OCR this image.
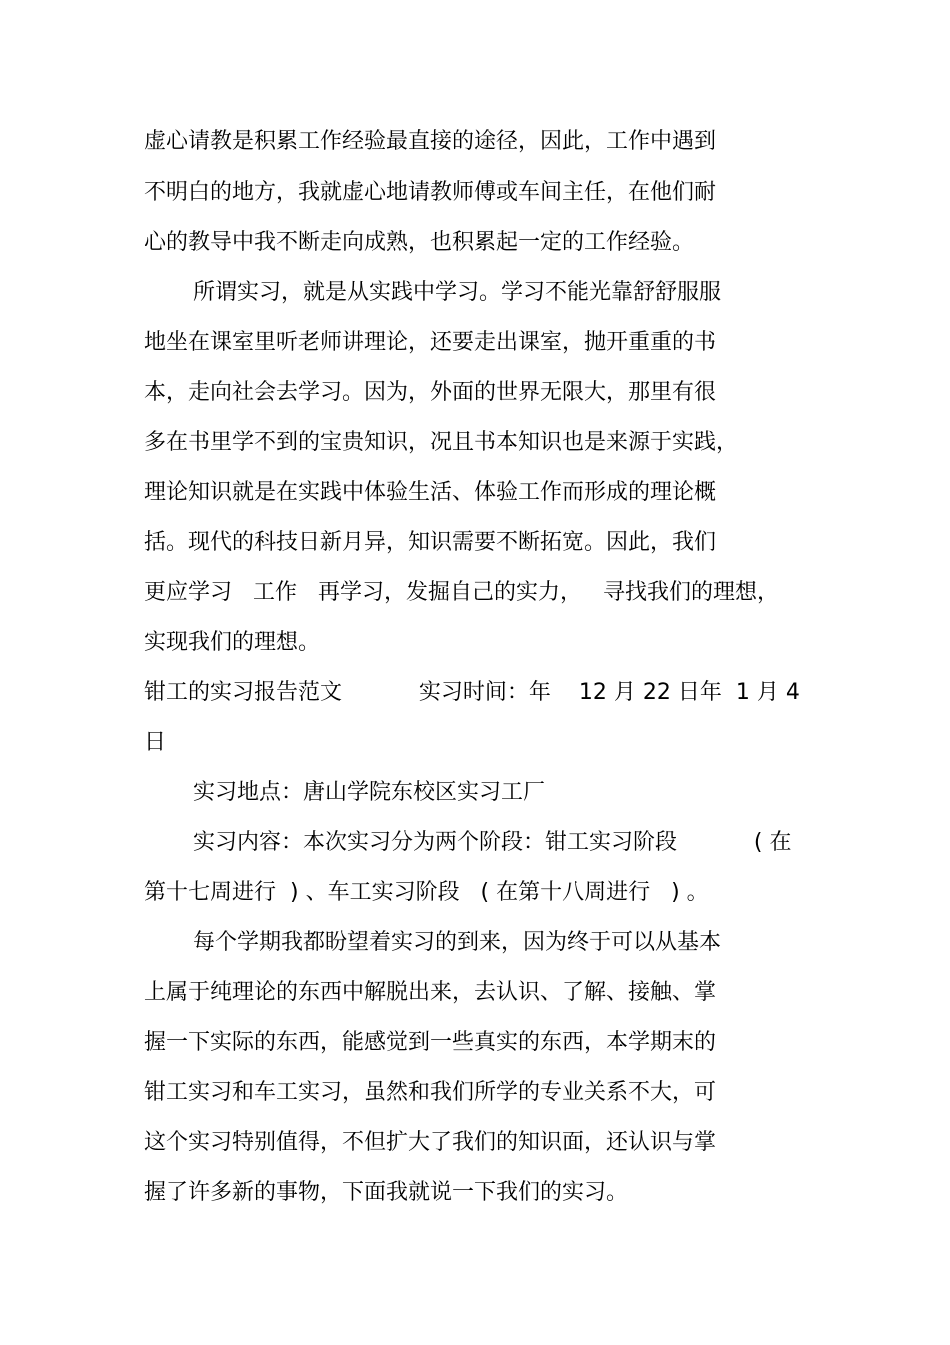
虚心请教是积累工作经验最直接的途径，因此，工作中遇到

不明白的地方，我就虚心地请教师傅或车间主任，在他们耐

心的教导中我不断走向成熟，也积累起一定的工作经验。

所谓实习，就是从实践中学习。学习不能光靠舒舒服服

地坐在课室里听老师讲理论，还要走出课室，抛开重重的书

本，走向社会去学习。因为，外面的世界无限大，那里有很

多在书里学不到的宝贵知识，况且书本知识也是来源于实践，

理论知识就是在实践中体验生活、体验工作而形成的理论概

括。现代的科技日新月异，知识需要不断拓宽。因此，我们

更应学习   工作   再学习，发掘自己的实力，   寻找我们的理想，

实现我们的理想。

钳工的实习报告范文           实习时间：年    12 月 22 日年  1 月 4

日

实习地点：唐山学院东校区实习工厂

实习内容：本次实习分为两个阶段：钳工实习阶段           ( 在

第十七周进行  ) 、车工实习阶段   ( 在第十八周进行   ) 。

每个学期我都盼望着实习的到来，因为终于可以从基本

上属于纯理论的东西中解脱出来，去认识、了解、接触、掌

握一下实际的东西，能感觉到一些真实的东西，本学期末的

钳工实习和车工实习，虽然和我们所学的专业关系不大，可

这个实习特别值得，不但扩大了我们的知识面，还认识与掌

握了许多新的事物，下面我就说一下我们的实习。
